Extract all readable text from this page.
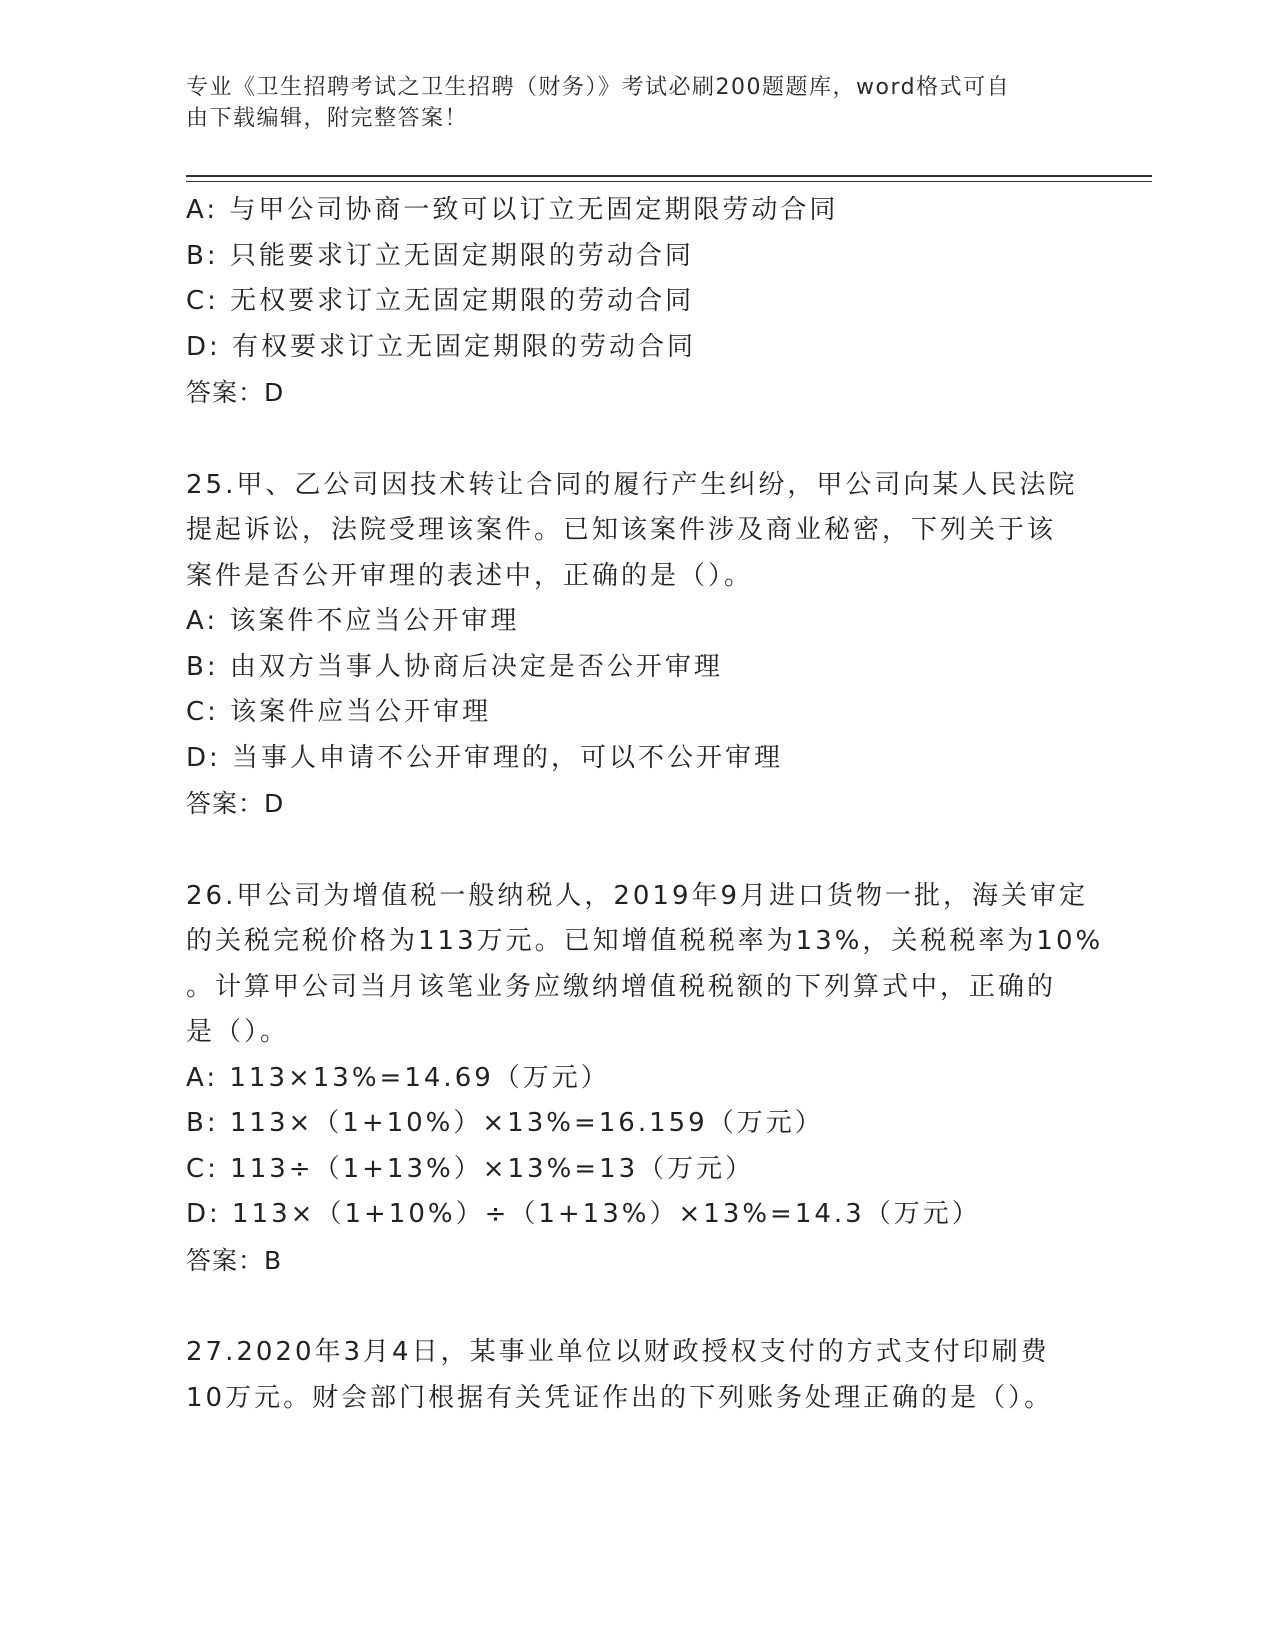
专业《卫生招聘考试之卫生招聘（财务）》考试必刷200题题库，word格式可自
由下载编辑，附完整答案！
A: 与甲公司协商一致可以订立无固定期限劳动合同
B: 只能要求订立无固定期限的劳动合同
C: 无权要求订立无固定期限的劳动合同
D: 有权要求订立无固定期限的劳动合同
答案：D
25.甲、乙公司因技术转让合同的履行产生纠纷，甲公司向某人民法院
提起诉讼，法院受理该案件。已知该案件涉及商业秘密，下列关于该
案件是否公开审理的表述中，正确的是（）。
A: 该案件不应当公开审理
B: 由双方当事人协商后决定是否公开审理
C: 该案件应当公开审理
D: 当事人申请不公开审理的，可以不公开审理
答案：D
26.甲公司为增值税一般纳税人，2019年9月进口货物一批，海关审定
的关税完税价格为113万元。已知增值税税率为13%，关税税率为10%
。计算甲公司当月该笔业务应缴纳增值税税额的下列算式中，正确的
是（）。
A: 113×13%=14.69（万元）
B: 113×（1+10%）×13%=16.159（万元）
C: 113÷（1+13%）×13%=13（万元）
D: 113×（1+10%）÷（1+13%）×13%=14.3（万元）
答案：B
27.2020年3月4日，某事业单位以财政授权支付的方式支付印刷费
10万元。财会部门根据有关凭证作出的下列账务处理正确的是（）。
